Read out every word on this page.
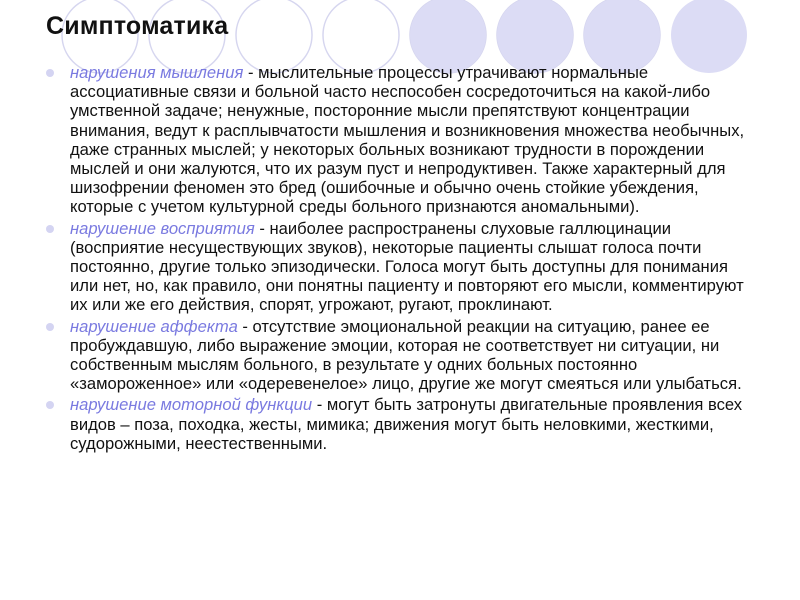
Симптоматика
нарушения мышления - мыслительные процессы утрачивают нормальные ассоциативные связи и больной часто неспособен сосредоточиться на какой-либо умственной задаче; ненужные, посторонние мысли препятствуют концентрации внимания, ведут к расплывчатости мышления и возникновения множества необычных, даже странных мыслей; у некоторых больных возникают трудности в порождении мыслей и они жалуются, что их разум пуст и непродуктивен. Также характерный для шизофрении феномен это бред (ошибочные и обычно очень стойкие убеждения, которые с учетом культурной среды больного признаются аномальными).
нарушение восприятия - наиболее распространены слуховые галлюцинации (восприятие несуществующих звуков), некоторые пациенты слышат голоса почти постоянно, другие только эпизодически. Голоса могут быть доступны для понимания или нет, но, как правило, они понятны пациенту и повторяют его мысли, комментируют их или же его действия, спорят, угрожают, ругают, проклинают.
нарушение аффекта - отсутствие эмоциональной реакции на ситуацию, ранее ее пробуждавшую, либо выражение эмоции, которая не соответствует ни ситуации, ни собственным мыслям больного, в результате у одних больных постоянно «замороженное» или «одеревенелое» лицо, другие же могут смеяться или улыбаться.
нарушение моторной функции - могут быть затронуты двигательные проявления всех видов – поза, походка, жесты, мимика; движения могут быть неловкими, жесткими, судорожными, неестественными.
